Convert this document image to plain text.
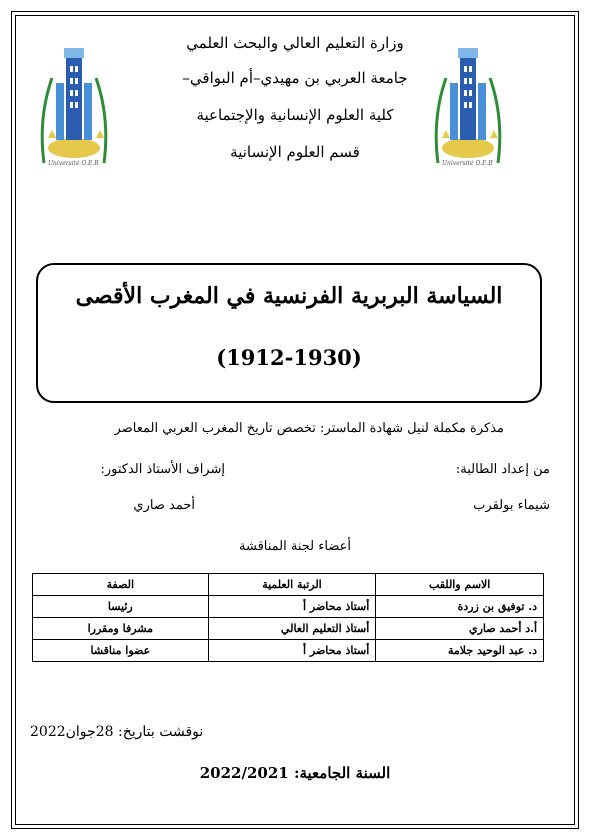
وزارة التعليم العالي والبحث العلمي
جامعة العربي بن مهيدي–أم البواقي–
كلية العلوم الإنسانية والإجتماعية
قسم العلوم الإنسانية
Université O.E.B	Université O.E.B
السياسة البربرية الفرنسية في المغرب الأقصى
(1912-1930)
مذكرة مكملة لنيل شهادة الماستر: تخصص تاريخ المغرب العربي المعاصر
من إعداد الطالبة:
شيماء بولقرب
إشراف الأستاذ الدكتور:
أحمد صاري
أعضاء لجنة المناقشة
الاسم واللقب	الرتبة العلمية	الصفة
د. توفيق بن زردة	أستاذ محاضر أ	رئيسا
أ.د أحمد صاري	أستاذ التعليم العالي	مشرفا ومقررا
د. عبد الوحيد جلامة	أستاذ محاضر أ	عضوا مناقشا
نوقشت بتاريخ: 28جوان2022
السنة الجامعية: 2022/2021
